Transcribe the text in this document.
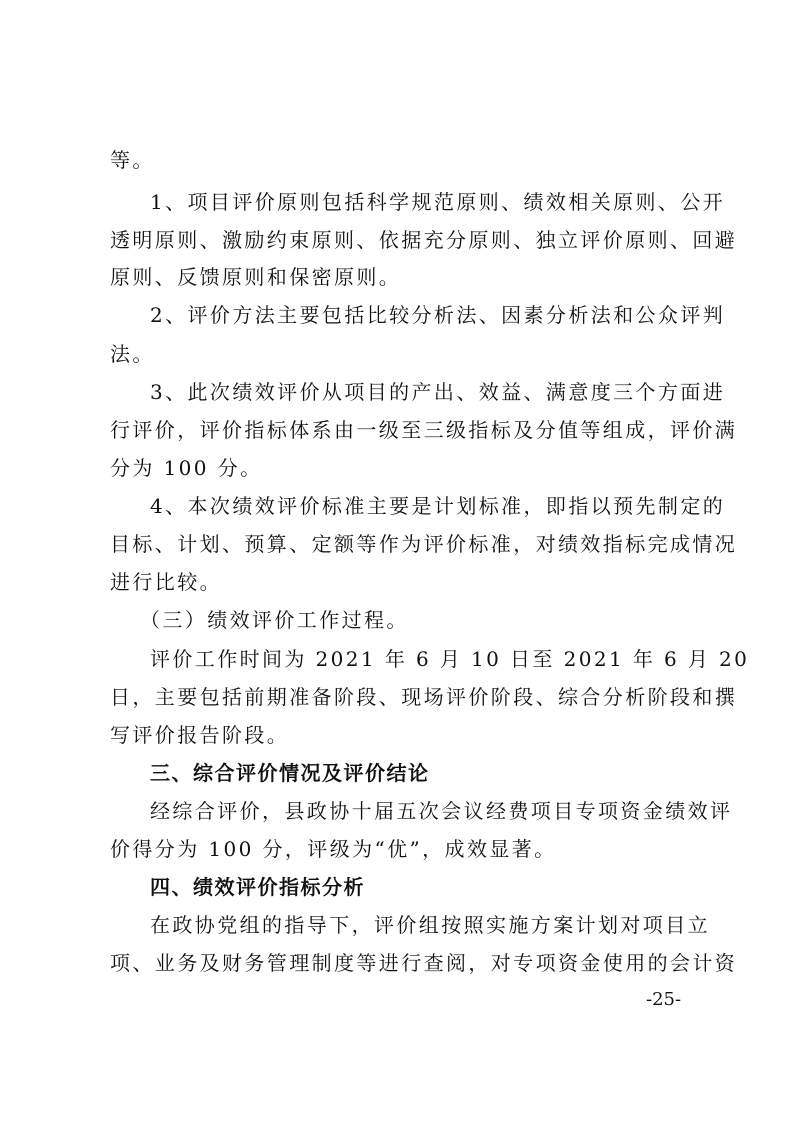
等。
1、项目评价原则包括科学规范原则、绩效相关原则、公开
透明原则、激励约束原则、依据充分原则、独立评价原则、回避
原则、反馈原则和保密原则。
2、评价方法主要包括比较分析法、因素分析法和公众评判
法。
3、此次绩效评价从项目的产出、效益、满意度三个方面进
行评价，评价指标体系由一级至三级指标及分值等组成，评价满
分为 100 分。
4、本次绩效评价标准主要是计划标准，即指以预先制定的
目标、计划、预算、定额等作为评价标准，对绩效指标完成情况
进行比较。
（三）绩效评价工作过程。
评价工作时间为 2021 年 6 月 10 日至 2021 年 6 月 20
日，主要包括前期准备阶段、现场评价阶段、综合分析阶段和撰
写评价报告阶段。
三、综合评价情况及评价结论
经综合评价，县政协十届五次会议经费项目专项资金绩效评
价得分为 100 分，评级为“优”，成效显著。
四、绩效评价指标分析
在政协党组的指导下，评价组按照实施方案计划对项目立
项、业务及财务管理制度等进行查阅，对专项资金使用的会计资
-25-
